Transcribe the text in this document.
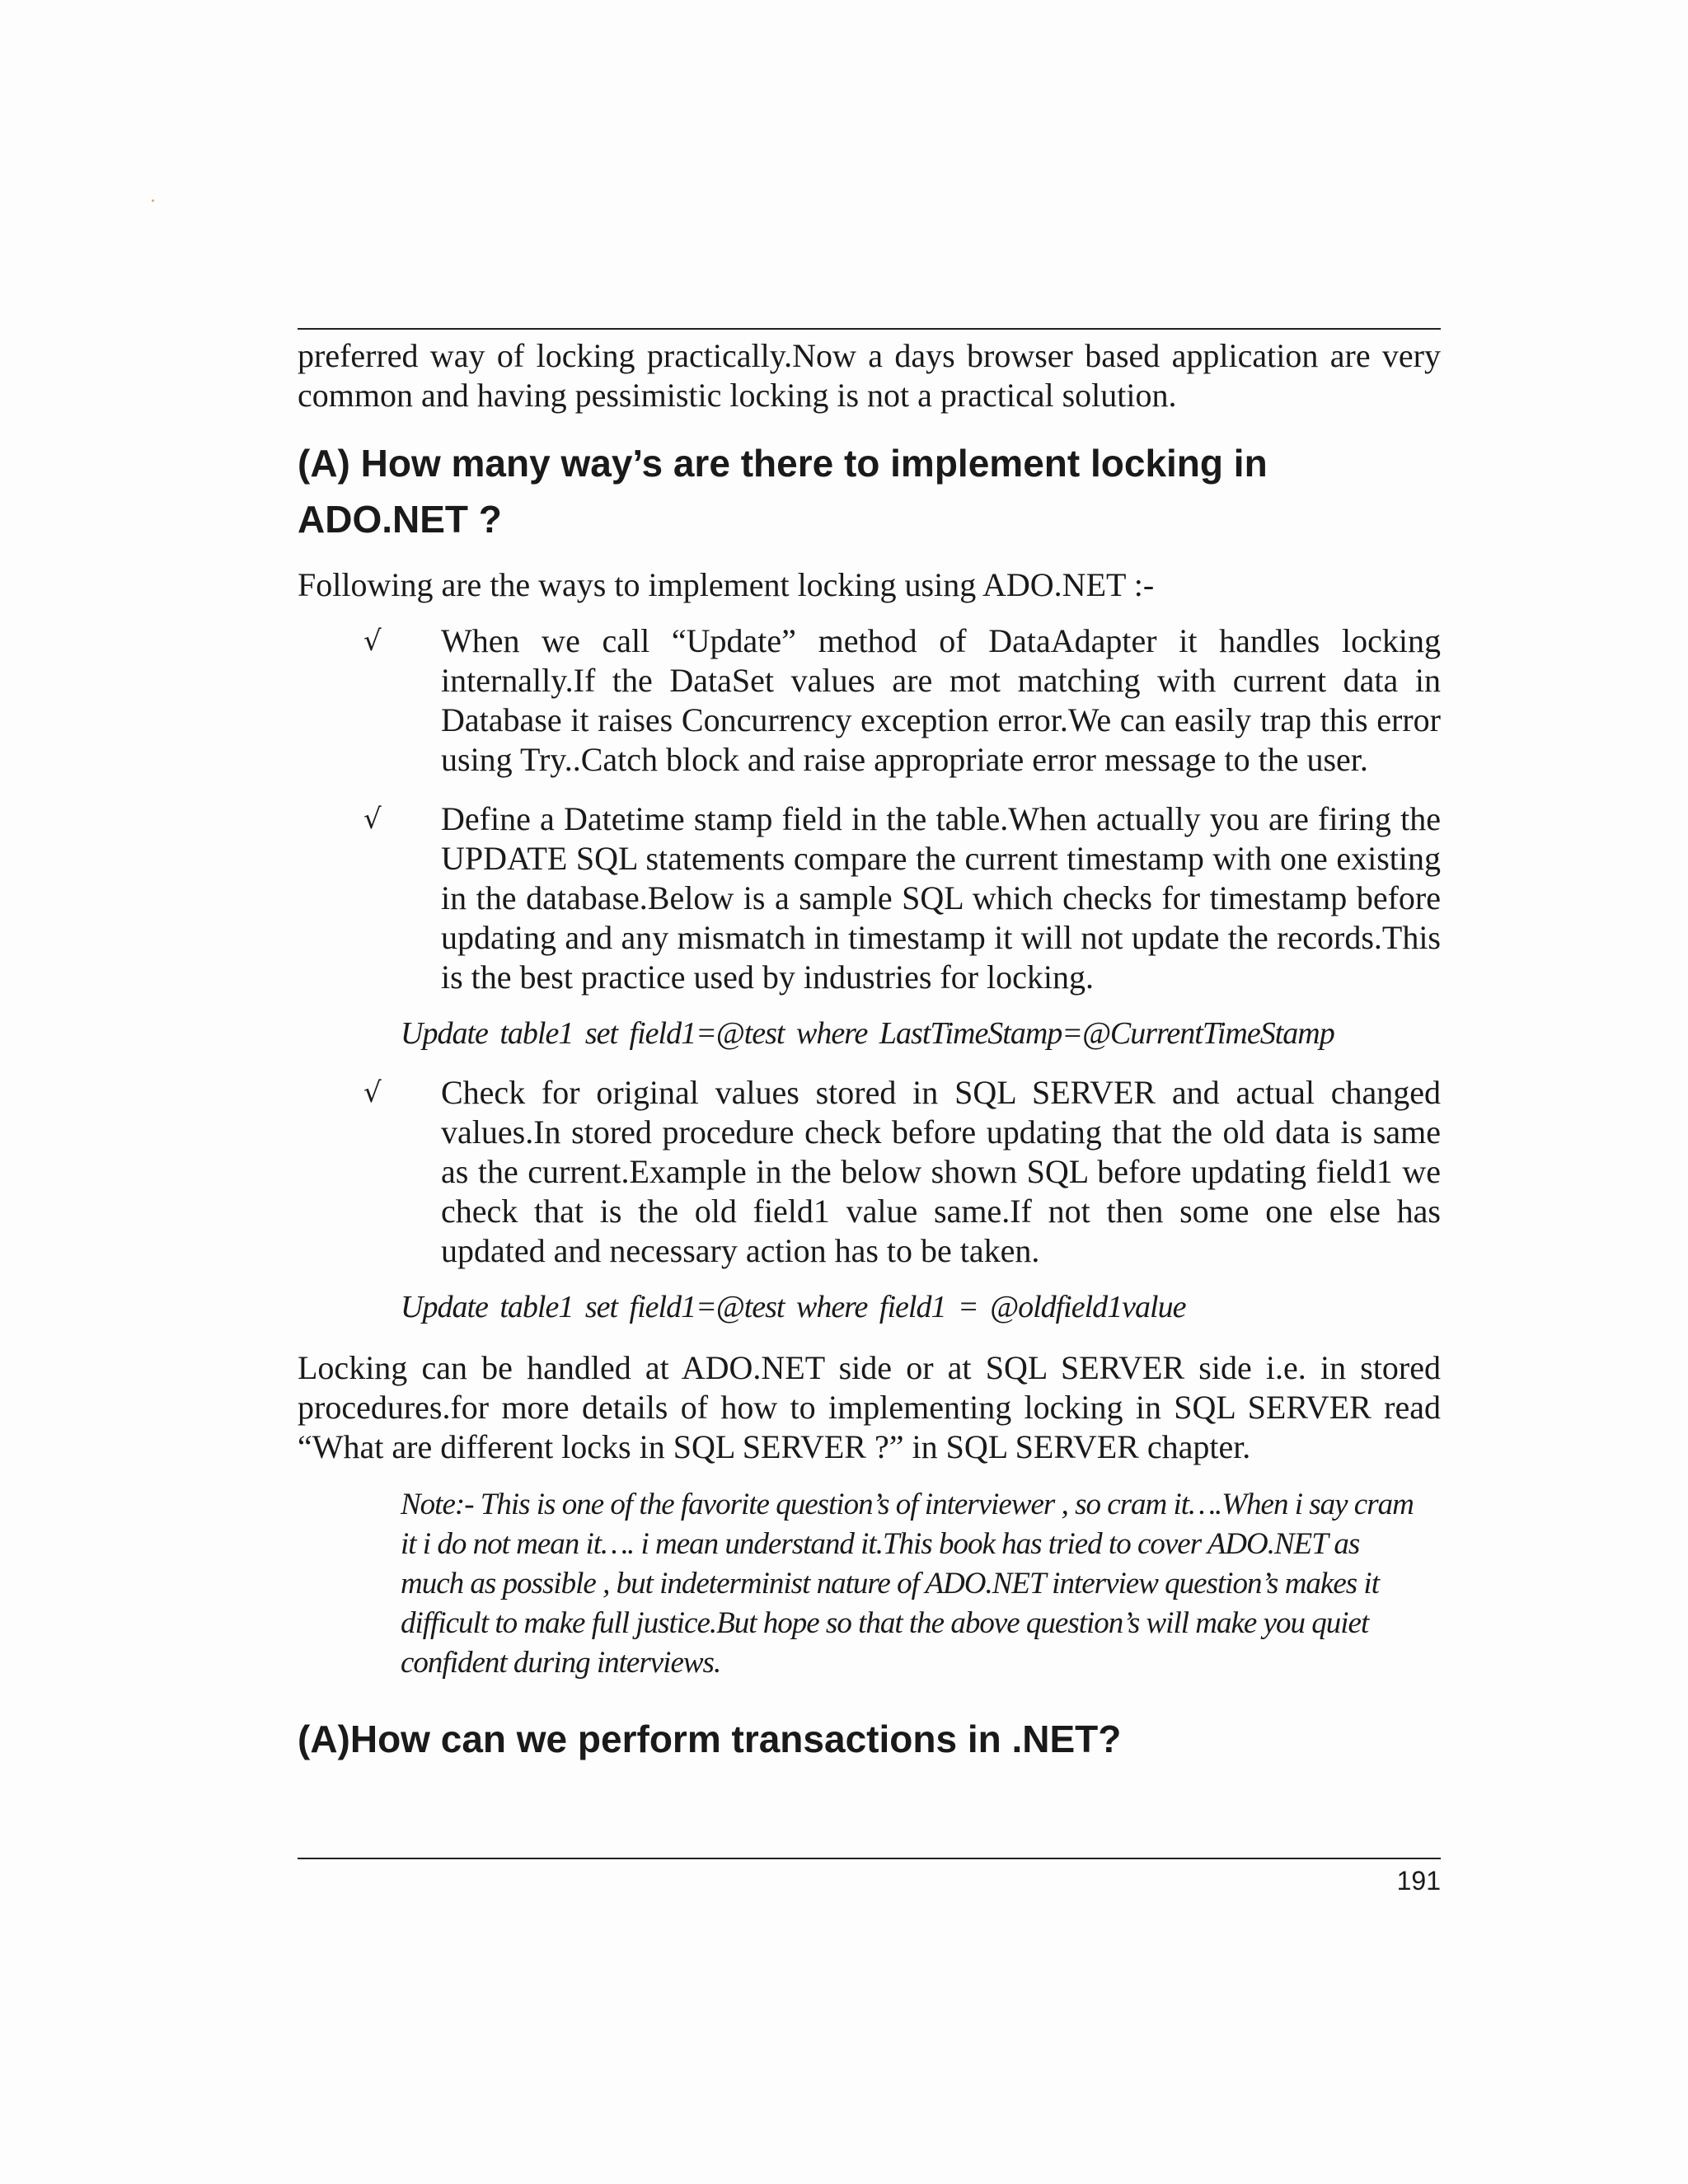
preferred way of locking practically.Now a days browser based application are very common and having pessimistic locking is not a practical solution.

(A) How many way’s are there to implement locking in ADO.NET ?

Following are the ways to implement locking using ADO.NET :-

√ When we call “Update” method of DataAdapter it handles locking internally.If the DataSet values are mot matching with current data in Database it raises Concurrency exception error.We can easily trap this error using Try..Catch block and raise appropriate error message to the user.
√ Define a Datetime stamp field in the table.When actually you are firing the UPDATE SQL statements compare the current timestamp with one existing in the database.Below is a sample SQL which checks for timestamp before updating and any mismatch in timestamp it will not update the records.This is the best practice used by industries for locking.
Update table1 set field1=@test where LastTimeStamp=@CurrentTimeStamp
√ Check for original values stored in SQL SERVER and actual changed values.In stored procedure check before updating that the old data is same as the current.Example in the below shown SQL before updating field1 we check that is the old field1 value same.If not then some one else has updated and necessary action has to be taken.
Update table1 set field1=@test where field1 = @oldfield1value

Locking can be handled at ADO.NET side or at SQL SERVER side i.e. in stored procedures.for more details of how to implementing locking in SQL SERVER read “What are different locks in SQL SERVER ?” in SQL SERVER chapter.

Note:- This is one of the favorite question’s of interviewer , so cram it….When i say cram it i do not mean it…. i mean understand it.This book has tried to cover ADO.NET as much as possible , but indeterminist nature of ADO.NET interview question’s makes it difficult to make full justice.But hope so that the above question’s will make you quiet confident during interviews.
(A)How can we perform transactions in .NET?
191
